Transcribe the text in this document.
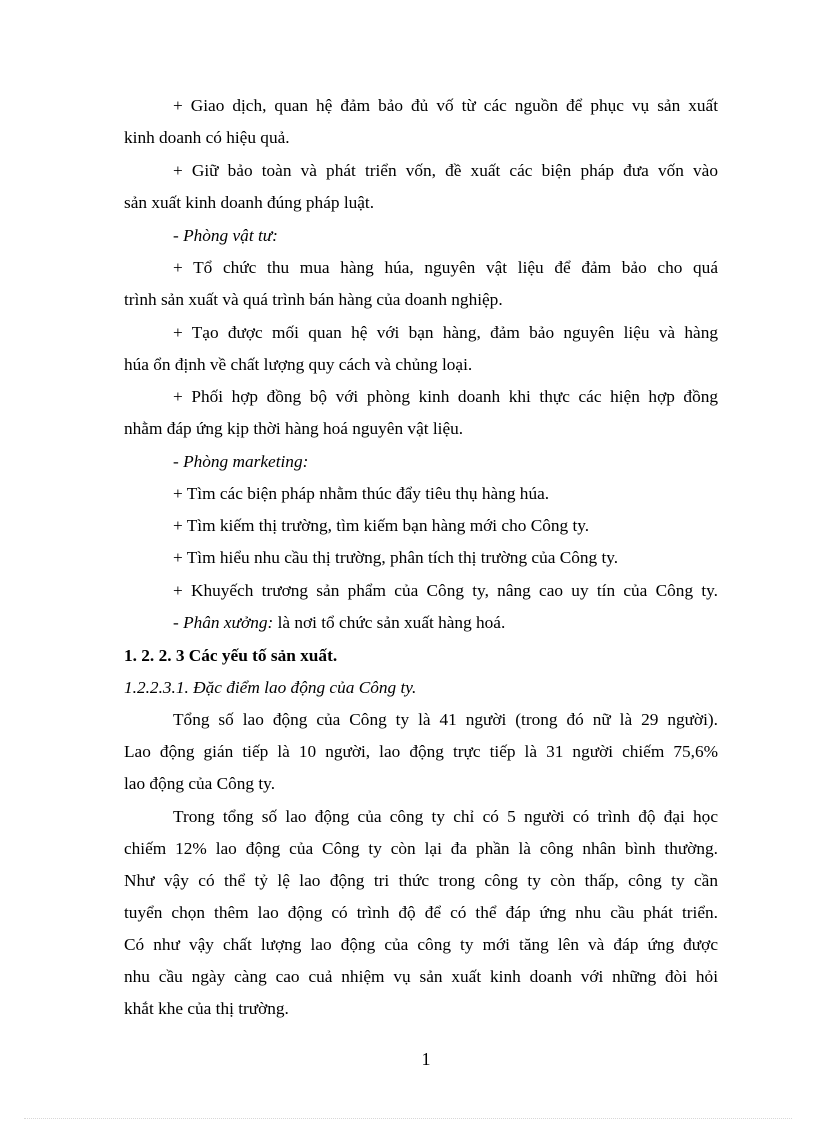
+ Giao dịch, quan hệ đảm bảo đủ vố từ các nguồn để phục vụ sản xuất
kinh doanh có hiệu quả.
+ Giữ bảo toàn và phát triển vốn, đề xuất các biện pháp đưa vốn vào
sản xuất kinh doanh đúng pháp luật.
- Phòng vật tư:
+ Tổ chức thu mua hàng húa, nguyên vật liệu để đảm bảo cho quá
trình sản xuất và quá trình bán hàng của doanh nghiệp.
+ Tạo được mối quan hệ với bạn hàng, đảm bảo nguyên liệu và hàng
húa ổn định về chất lượng quy cách và chủng loại.
+ Phối hợp đồng bộ với phòng kinh doanh khi thực các hiện hợp đồng
nhằm đáp ứng kịp thời hàng hoá nguyên vật liệu.
- Phòng marketing:
+ Tìm các biện pháp nhằm thúc đẩy tiêu thụ hàng húa.
+ Tìm kiếm thị trường, tìm kiếm bạn hàng mới cho Công ty.
+ Tìm hiểu nhu cầu thị trường, phân tích thị trường của Công ty.
+ Khuyếch trương sản phẩm của Công ty, nâng cao uy tín của Công ty.
- Phân xưởng: là nơi tổ chức sản xuất hàng hoá.
1. 2. 2. 3 Các yếu tố sản xuất.
1.2.2.3.1. Đặc điểm lao động của Công ty.
Tổng số lao động của Công ty là 41 người (trong đó nữ là 29 người).
Lao động gián tiếp là 10 người, lao động trực tiếp là 31 người chiếm 75,6%
lao động của Công ty.
Trong tổng số lao động của công ty chỉ có 5 người có trình độ đại học
chiếm 12% lao động của Công ty còn lại đa phần là công nhân bình thường.
Như vậy có thể tỷ lệ lao động tri thức trong công ty còn thấp, công ty cần
tuyển chọn thêm lao động có trình độ để có thể đáp ứng nhu cầu phát triển.
Có như vậy chất lượng lao động của công ty mới tăng lên và đáp ứng được
nhu cầu ngày càng cao cuả nhiệm vụ sản xuất kinh doanh với những đòi hỏi
khắt khe của thị trường.
1
